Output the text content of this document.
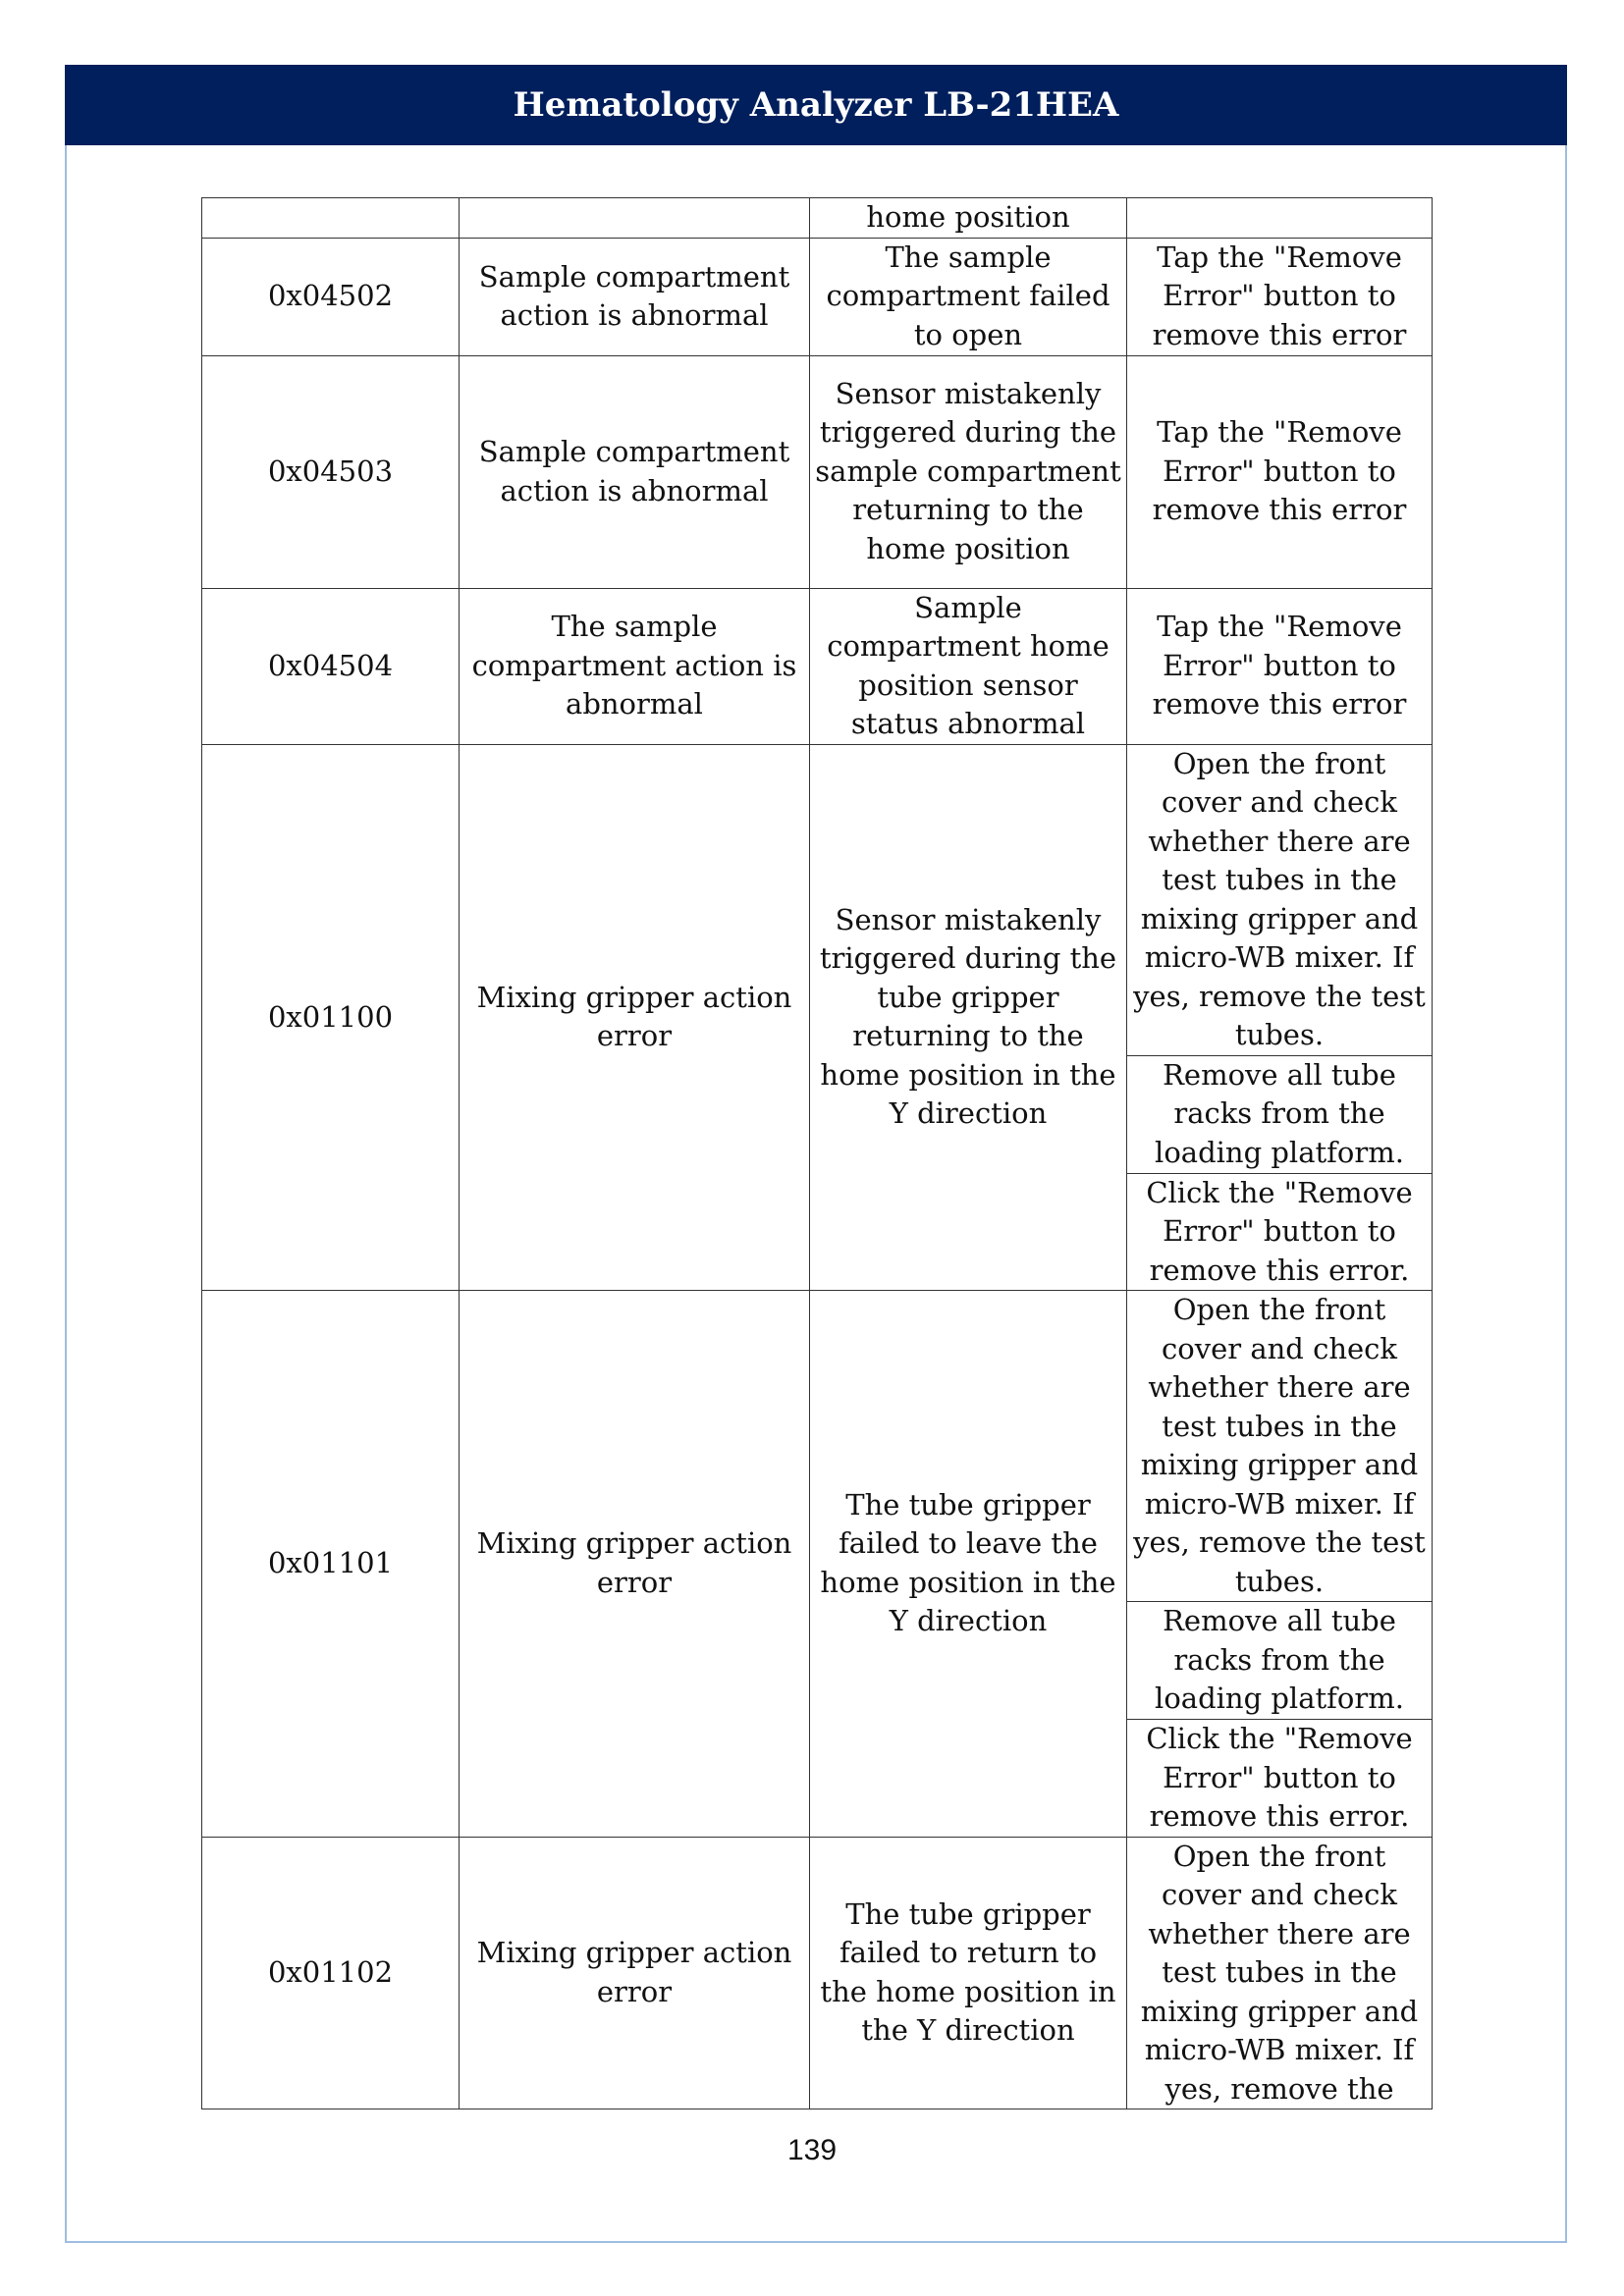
Hematology Analyzer LB-21HEA
		home position	
0x04502	Sample compartment action is abnormal	The sample compartment failed to open	Tap the "Remove Error" button to remove this error
0x04503	Sample compartment action is abnormal	Sensor mistakenly triggered during the sample compartment returning to the home position	Tap the "Remove Error" button to remove this error
0x04504	The sample compartment action is abnormal	Sample compartment home position sensor status abnormal	Tap the "Remove Error" button to remove this error
0x01100	Mixing gripper action error	Sensor mistakenly triggered during the tube gripper returning to the home position in the Y direction	Open the front cover and check whether there are test tubes in the mixing gripper and micro-WB mixer. If yes, remove the test tubes.
			Remove all tube racks from the loading platform.
			Click the "Remove Error" button to remove this error.
0x01101	Mixing gripper action error	The tube gripper failed to leave the home position in the Y direction	Open the front cover and check whether there are test tubes in the mixing gripper and micro-WB mixer. If yes, remove the test tubes.
			Remove all tube racks from the loading platform.
			Click the "Remove Error" button to remove this error.
0x01102	Mixing gripper action error	The tube gripper failed to return to the home position in the Y direction	Open the front cover and check whether there are test tubes in the mixing gripper and micro-WB mixer. If yes, remove the
139
